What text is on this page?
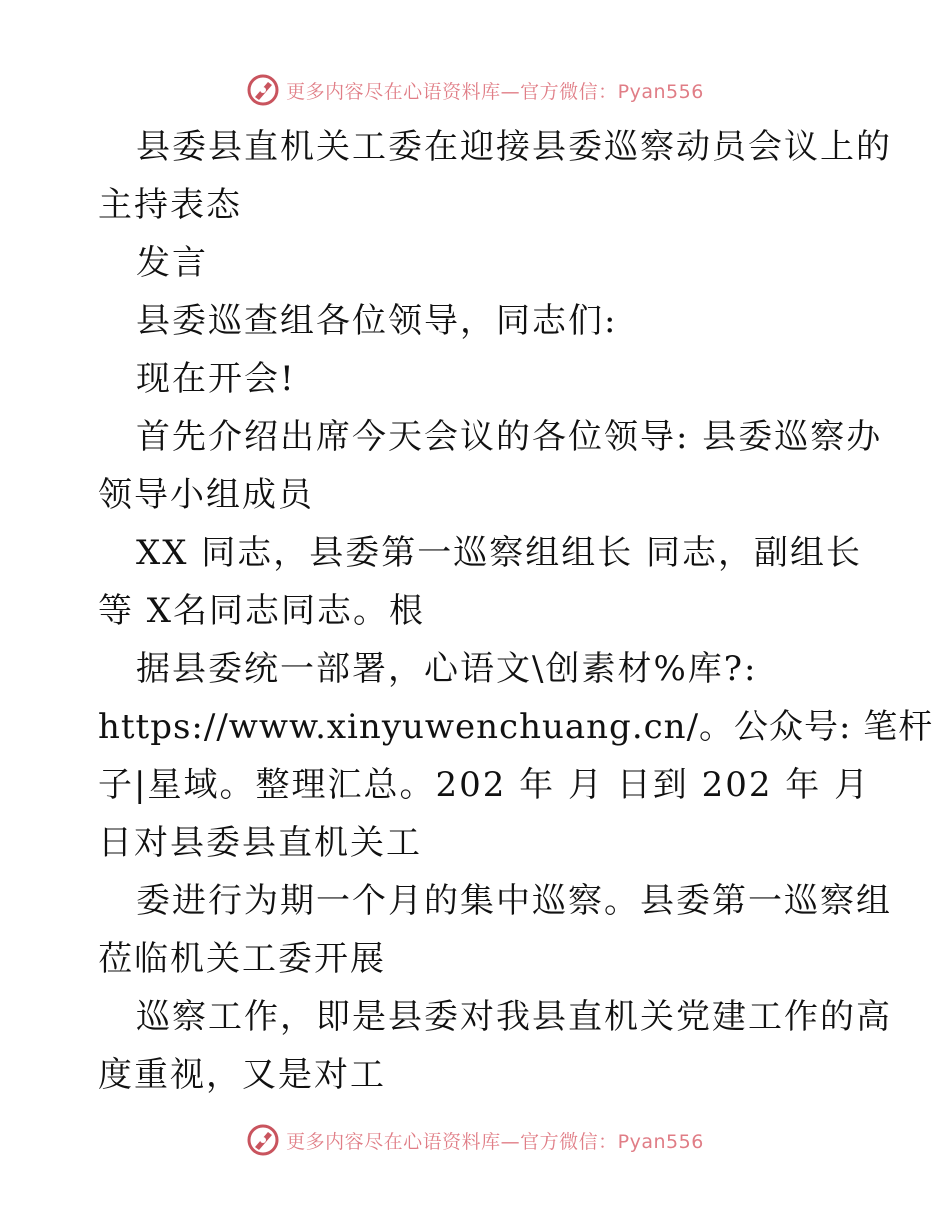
更多内容尽在心语资料库—官方微信：Pyan556

县委县直机关工委在迎接县委巡察动员会议上的

主持表态

发言

县委巡查组各位领导，同志们:

现在开会!

首先介绍出席今天会议的各位领导: 县委巡察办

领导小组成员

XX 同志，县委第一巡察组组长 同志，副组长

等 X名同志同志。根

据县委统一部署，心语文\创素材%库?:

https://www.xinyuwenchuang.cn/。公众号: 笔杆

子|星域。整理汇总。202 年 月 日到 202 年 月

日对县委县直机关工

委进行为期一个月的集中巡察。县委第一巡察组

莅临机关工委开展

巡察工作，即是县委对我县直机关党建工作的高

度重视，又是对工

更多内容尽在心语资料库—官方微信：Pyan556
